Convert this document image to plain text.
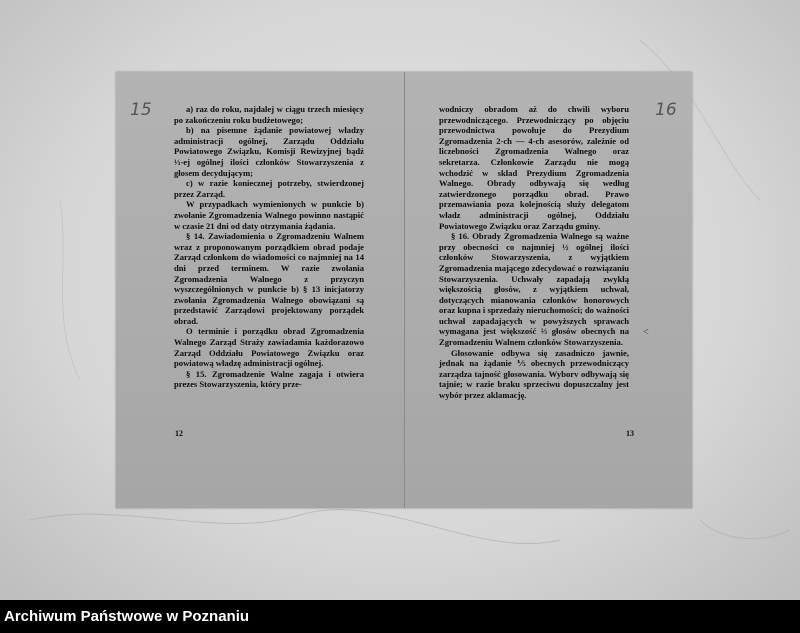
15	a) raz do roku, najdalej w ciągu trzech miesięcy po zakończeniu roku budżetowego;

b) na pisemne żądanie powiatowej władzy administracji ogólnej, Zarządu Oddziału Powiatowego Związku, Komisji Rewizyjnej bądź ⅓-ej ogólnej ilości członków Stowarzyszenia z głosem decydującym;

c) w razie koniecznej potrzeby, stwierdzonej przez Zarząd.

W przypadkach wymienionych w punkcie b) zwołanie Zgromadzenia Walnego powinno nastąpić w czasie 21 dni od daty otrzymania żądania.

§ 14. Zawiadomienia o Zgromadzeniu Walnem wraz z proponowanym porządkiem obrad podaje Zarząd członkom do wiadomości co najmniej na 14 dni przed terminem. W razie zwołania Zgromadzenia Walnego z przyczyn wyszczególnionych w punkcie b) § 13 inicjatorzy zwołania Zgromadzenia Walnego obowiązani są przedstawić Zarządowi projektowany porządek obrad.

O terminie i porządku obrad Zgromadzenia Walnego Zarząd Straży zawiadamia każdorazowo Zarząd Oddziału Powiatowego Związku oraz powiatową władzę administracji ogólnej.

§ 15. Zgromadzenie Walne zagaja i otwiera prezes Stowarzyszenia, który prze-

12
16

wodniczy obradom aż do chwili wyboru przewodniczącego. Przewodniczący po objęciu przewodnictwa powołuje do Prezydium Zgromadzenia 2-ch — 4-ch asesorów, zależnie od liczebności Zgromadzenia Walnego oraz sekretarza. Członkowie Zarządu nie mogą wchodzić w skład Prezydium Zgromadzenia Walnego. Obrady odbywają się według zatwierdzonego porządku obrad. Prawo przemawiania poza kolejnością służy delegatom władz administracji ogólnej, Oddziału Powiatowego Związku oraz Zarządu gminy.

§ 16. Obrady Zgromadzenia Walnego są ważne przy obecności co najmniej ½ ogólnej ilości członków Stowarzyszenia, z wyjątkiem Zgromadzenia mającego zdecydować o rozwiązaniu Stowarzyszenia. Uchwały zapadają zwykłą większością głosów, z wyjątkiem uchwał, dotyczących mianowania członków honorowych oraz kupna i sprzedaży nieruchomości; do ważności uchwał zapadających w powyższych sprawach wymagana jest większość ⅔ głosów obecnych na Zgromadzeniu Walnem członków Stowarzyszenia.

Głosowanie odbywa się zasadniczo jawnie, jednak na żądanie ⅕ obecnych przewodniczący zarządza tajność głosowania. Wyborv odbywają się tajnie; w razie braku sprzeciwu dopuszczalny jest wybór przez aklamację.

<
13
Archiwum Państwowe w Poznaniu
